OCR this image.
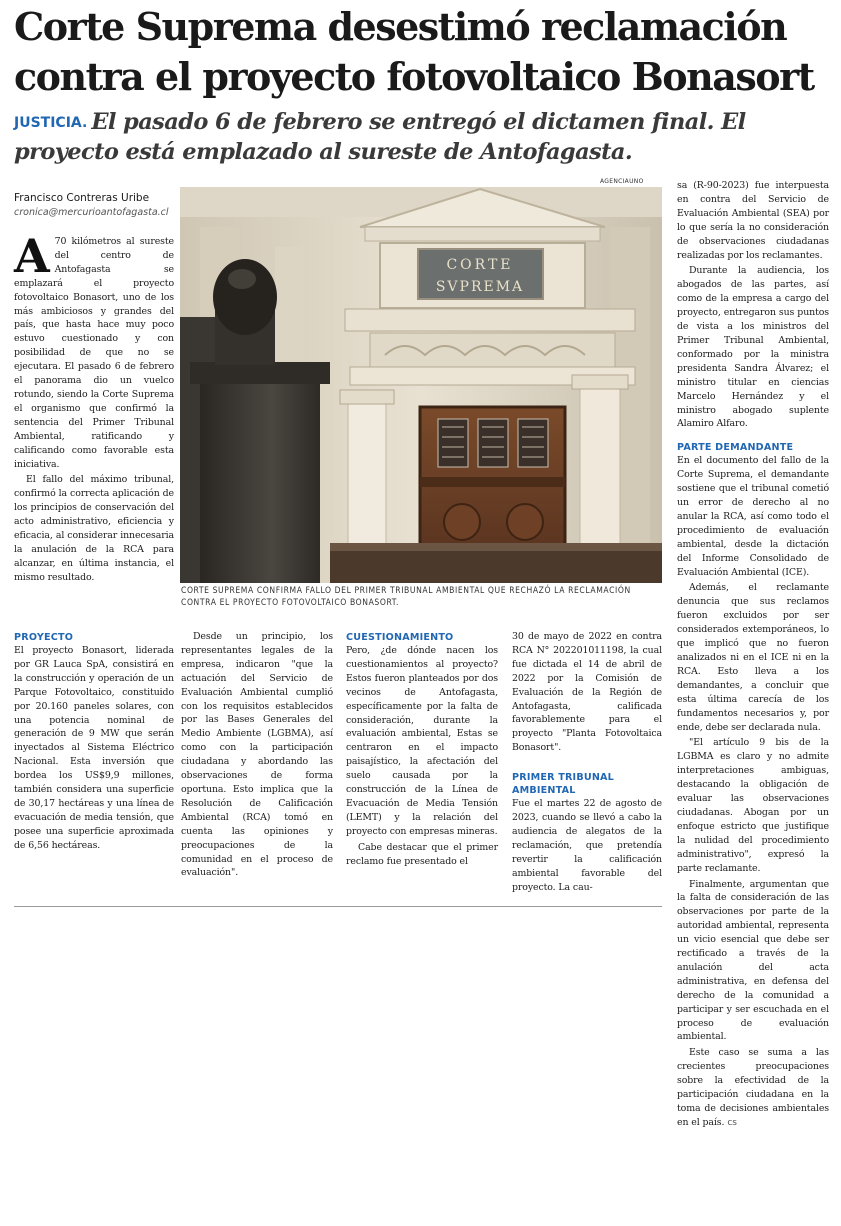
Corte Suprema desestimó reclamación contra el proyecto fotovoltaico Bonasort

JUSTICIA. El pasado 6 de febrero se entregó el dictamen final. El proyecto está emplazado al sureste de Antofagasta.

Francisco Contreras Uribe
cronica@mercurioantofagasta.cl
AGENCIAUNO
CORTE
SVPREMA
CORTE SUPREMA CONFIRMA FALLO DEL PRIMER TRIBUNAL AMBIENTAL QUE RECHAZÓ LA RECLAMACIÓN CONTRA EL PROYECTO FOTOVOLTAICO BONASORT.
A 70 kilómetros al sureste del centro de Antofagasta se emplazará el proyecto fotovoltaico Bonasort, uno de los más ambiciosos y grandes del país, que hasta hace muy poco estuvo cuestionado y con posibilidad de que no se ejecutara. El pasado 6 de febrero el panorama dio un vuelco rotundo, siendo la Corte Suprema el organismo que confirmó la sentencia del Primer Tribunal Ambiental, ratificando y calificando como favorable esta iniciativa.

El fallo del máximo tribunal, confirmó la correcta aplicación de los principios de conservación del acto administrativo, eficiencia y eficacia, al considerar innecesaria la anulación de la RCA para alcanzar, en última instancia, el mismo resultado.

PROYECTO

El proyecto Bonasort, liderada por GR Lauca SpA, consistirá en la construcción y operación de un Parque Fotovoltaico, constituido por 20.160 paneles solares, con una potencia nominal de generación de 9 MW que serán inyectados al Sistema Eléctrico Nacional. Esta inversión que bordea los US$9,9 millones, también considera una superficie de 30,17 hectáreas y una línea de evacuación de media tensión, que posee una superficie aproximada de 6,56 hectáreas.

Desde un principio, los representantes legales de la empresa, indicaron "que la actuación del Servicio de Evaluación Ambiental cumplió con los requisitos establecidos por las Bases Generales del Medio Ambiente (LGBMA), así como con la participación ciudadana y abordando las observaciones de forma oportuna. Esto implica que la Resolución de Calificación Ambiental (RCA) tomó en cuenta las opiniones y preocupaciones de la comunidad en el proceso de evaluación".

CUESTIONAMIENTO

Pero, ¿de dónde nacen los cuestionamientos al proyecto? Estos fueron planteados por dos vecinos de Antofagasta, específicamente por la falta de consideración, durante la evaluación ambiental, Estas se centraron en el impacto paisajístico, la afectación del suelo causada por la construcción de la Línea de Evacuación de Media Tensión (LEMT) y la relación del proyecto con empresas mineras.

Cabe destacar que el primer reclamo fue presentado el

30 de mayo de 2022 en contra RCA N° 202201011198, la cual fue dictada el 14 de abril de 2022 por la Comisión de Evaluación de la Región de Antofagasta, calificada favorablemente para el proyecto "Planta Fotovoltaica Bonasort".

PRIMER TRIBUNAL
AMBIENTAL

Fue el martes 22 de agosto de 2023, cuando se llevó a cabo la audiencia de alegatos de la reclamación, que pretendía revertir la calificación ambiental favorable del proyecto. La cau-

sa (R-90-2023) fue interpuesta en contra del Servicio de Evaluación Ambiental (SEA) por lo que sería la no consideración de observaciones ciudadanas realizadas por los reclamantes.

Durante la audiencia, los abogados de las partes, así como de la empresa a cargo del proyecto, entregaron sus puntos de vista a los ministros del Primer Tribunal Ambiental, conformado por la ministra presidenta Sandra Álvarez; el ministro titular en ciencias Marcelo Hernández y el ministro abogado suplente Alamiro Alfaro.

PARTE DEMANDANTE

En el documento del fallo de la Corte Suprema, el demandante sostiene que el tribunal cometió un error de derecho al no anular la RCA, así como todo el procedimiento de evaluación ambiental, desde la dictación del Informe Consolidado de Evaluación Ambiental (ICE).

Además, el reclamante denuncia que sus reclamos fueron excluidos por ser considerados extemporáneos, lo que implicó que no fueron analizados ni en el ICE ni en la RCA. Esto lleva a los demandantes, a concluir que esta última carecía de los fundamentos necesarios y, por ende, debe ser declarada nula.

"El artículo 9 bis de la LGBMA es claro y no admite interpretaciones ambiguas, destacando la obligación de evaluar las observaciones ciudadanas. Abogan por un enfoque estricto que justifique la nulidad del procedimiento administrativo", expresó la parte reclamante.

Finalmente, argumentan que la falta de consideración de las observaciones por parte de la autoridad ambiental, representa un vicio esencial que debe ser rectificado a través de la anulación del acta administrativa, en defensa del derecho de la comunidad a participar y ser escuchada en el proceso de evaluación ambiental.

Este caso se suma a las crecientes preocupaciones sobre la efectividad de la participación ciudadana en la toma de decisiones ambientales en el país. cs
